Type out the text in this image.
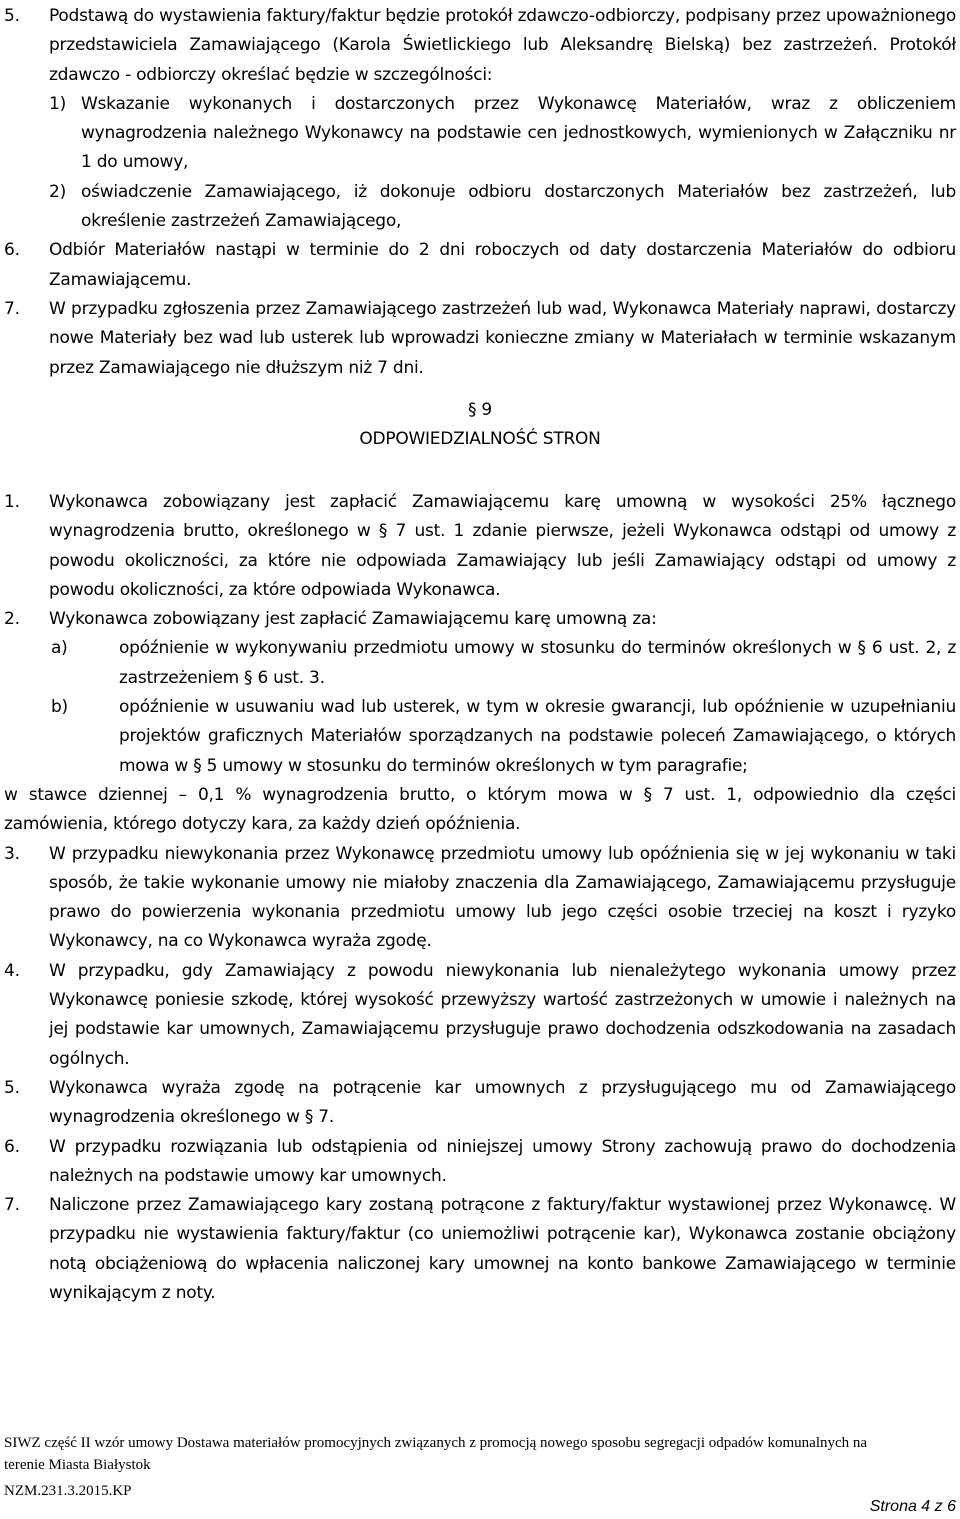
5.	Podstawą do wystawienia faktury/faktur będzie protokół zdawczo-odbiorczy, podpisany przez upoważnionego przedstawiciela Zamawiającego (Karola Świetlickiego lub Aleksandrę Bielską) bez zastrzeżeń. Protokół zdawczo - odbiorczy określać będzie w szczególności:
1) Wskazanie wykonanych i dostarczonych przez Wykonawcę Materiałów, wraz z obliczeniem wynagrodzenia należnego Wykonawcy na podstawie cen jednostkowych, wymienionych w Załączniku nr 1 do umowy,
2) oświadczenie Zamawiającego, iż dokonuje odbioru dostarczonych Materiałów bez zastrzeżeń, lub określenie zastrzeżeń Zamawiającego,
6.	Odbiór Materiałów nastąpi w terminie do 2 dni roboczych od daty dostarczenia Materiałów do odbioru Zamawiającemu.
7.	W przypadku zgłoszenia przez Zamawiającego zastrzeżeń lub wad, Wykonawca Materiały naprawi, dostarczy nowe Materiały bez wad lub usterek lub wprowadzi konieczne zmiany w Materiałach w terminie wskazanym przez Zamawiającego nie dłuższym niż 7 dni.
§ 9
ODPOWIEDZIALNOŚĆ STRON
1.	Wykonawca zobowiązany jest zapłacić Zamawiającemu karę umowną w wysokości 25% łącznego wynagrodzenia brutto, określonego w § 7 ust. 1 zdanie pierwsze, jeżeli Wykonawca odstąpi od umowy z powodu okoliczności, za które nie odpowiada Zamawiający lub jeśli Zamawiający odstąpi od umowy z powodu okoliczności, za które odpowiada Wykonawca.
2.	Wykonawca zobowiązany jest zapłacić Zamawiającemu karę umowną za:
a)	opóźnienie w wykonywaniu przedmiotu umowy w stosunku do terminów określonych w § 6 ust. 2, z zastrzeżeniem § 6 ust. 3.
b)	opóźnienie w usuwaniu wad lub usterek, w tym w okresie gwarancji, lub opóźnienie w uzupełnianiu projektów graficznych Materiałów sporządzanych na podstawie poleceń Zamawiającego, o których mowa w § 5 umowy w stosunku do terminów określonych w tym paragrafie;
w stawce dziennej – 0,1 % wynagrodzenia brutto, o którym mowa w § 7 ust. 1, odpowiednio dla części zamówienia, którego dotyczy kara, za każdy dzień opóźnienia.
3.	W przypadku niewykonania przez Wykonawcę przedmiotu umowy lub opóźnienia się w jej wykonaniu w taki sposób, że takie wykonanie umowy nie miałoby znaczenia dla Zamawiającego, Zamawiającemu przysługuje prawo do powierzenia wykonania przedmiotu umowy lub jego części osobie trzeciej na koszt i ryzyko Wykonawcy, na co Wykonawca wyraża zgodę.
4.	W przypadku, gdy Zamawiający z powodu niewykonania lub nienależytego wykonania umowy przez Wykonawcę poniesie szkodę, której wysokość przewyższy wartość zastrzeżonych w umowie i należnych na jej podstawie kar umownych, Zamawiającemu przysługuje prawo dochodzenia odszkodowania na zasadach ogólnych.
5.	Wykonawca wyraża zgodę na potrącenie kar umownych z przysługującego mu od Zamawiającego wynagrodzenia określonego w § 7.
6.	W przypadku rozwiązania lub odstąpienia od niniejszej umowy Strony zachowują prawo do dochodzenia należnych na podstawie umowy kar umownych.
7.	Naliczone przez Zamawiającego kary zostaną potrącone z faktury/faktur wystawionej przez Wykonawcę. W przypadku nie wystawienia faktury/faktur (co uniemożliwi potrącenie kar), Wykonawca zostanie obciążony notą obciążeniową do wpłacenia naliczonej kary umownej na konto bankowe Zamawiającego w terminie wynikającym z noty.
SIWZ część II wzór umowy Dostawa materiałów promocyjnych związanych z promocją nowego sposobu segregacji odpadów komunalnych na terenie Miasta Białystok
NZM.231.3.2015.KP
Strona 4 z 6
